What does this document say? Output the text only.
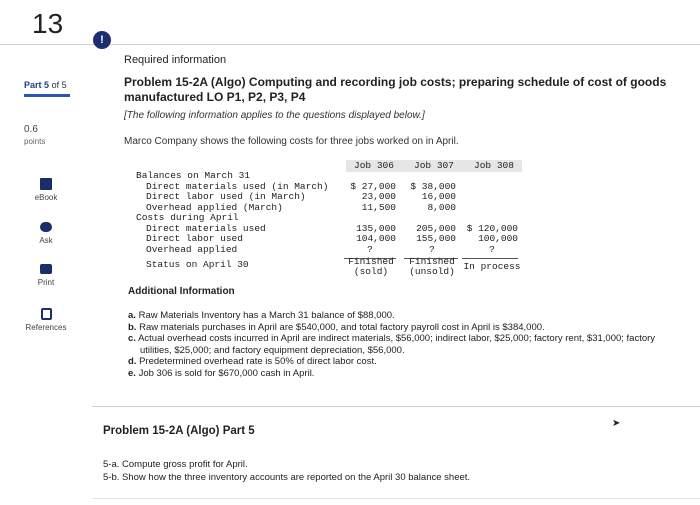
13
Part 5 of 5
0.6
points
eBook
Ask
Print
References
!
Required information
Problem 15-2A (Algo) Computing and recording job costs; preparing schedule of cost of goods manufactured LO P1, P2, P3, P4
[The following information applies to the questions displayed below.]
Marco Company shows the following costs for three jobs worked on in April.
Job 306	Job 307	Job 308
Balances on March 31
Direct materials used (in March)
Direct labor used (in March)
Overhead applied (March)
Costs during April
Direct materials used
Direct labor used
Overhead applied
Status on April 30
$ 27,000
23,000
11,500
135,000
104,000
?
$ 38,000
16,000
8,000
205,000
155,000
?
$ 120,000
100,000
?
Finished
(sold)
Finished
(unsold) In process
Additional Information
a. Raw Materials Inventory has a March 31 balance of $88,000.
b. Raw materials purchases in April are $540,000, and total factory payroll cost in April is $384,000.
c. Actual overhead costs incurred in April are indirect materials, $56,000; indirect labor, $25,000; factory rent, $31,000; factory utilities, $25,000; and factory equipment depreciation, $56,000.
d. Predetermined overhead rate is 50% of direct labor cost.
e. Job 306 is sold for $670,000 cash in April.
Problem 15-2A (Algo) Part 5
➤
5-a. Compute gross profit for April.
5-b. Show how the three inventory accounts are reported on the April 30 balance sheet.
